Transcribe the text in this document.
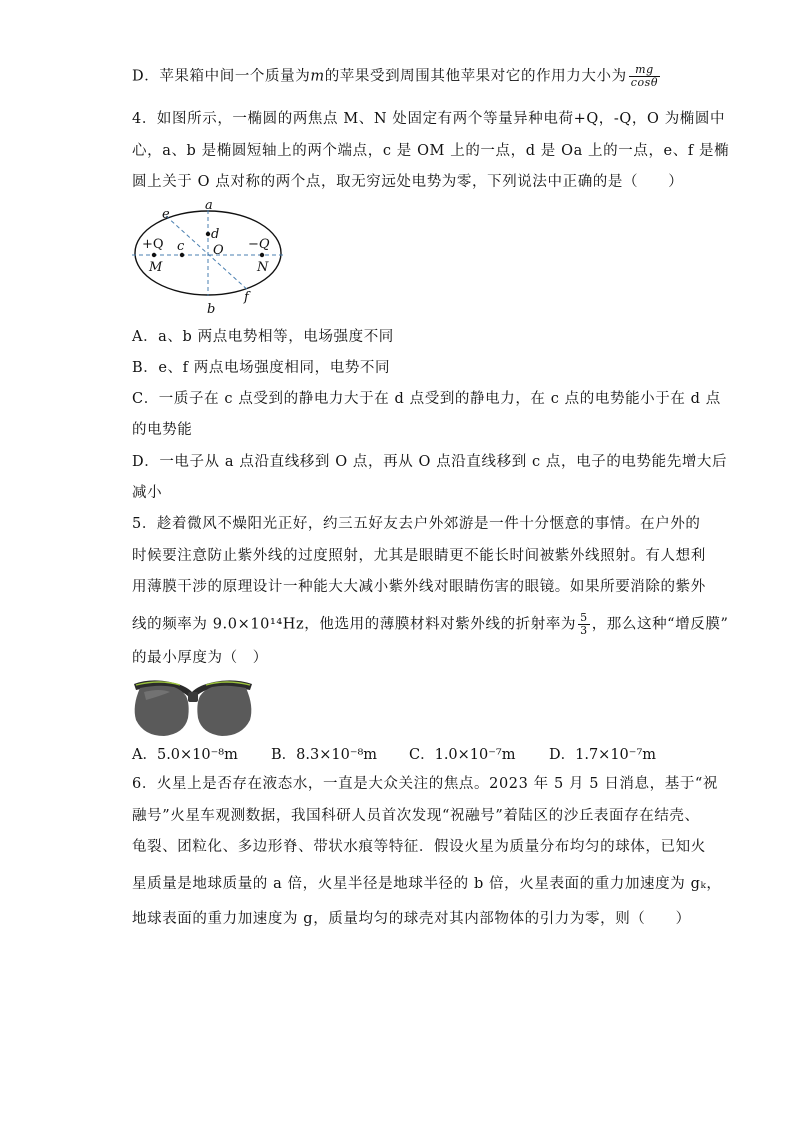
D．苹果箱中间一个质量为m的苹果受到周围其他苹果对它的作用力大小为 $\frac{mg}{\cos\theta}$
4．如图所示，一椭圆的两焦点 M、N 处固定有两个等量异种电荷+Q，-Q，O 为椭圆中
心，a、b 是椭圆短轴上的两个端点，c 是 OM 上的一点，d 是 Oa 上的一点，e、f 是椭
圆上关于 O 点对称的两个点，取无穷远处电势为零，下列说法中正确的是（　　）
e
a
d
+Q c O −Q
M	N
b
f
A．a、b 两点电势相等，电场强度不同
B．e、f 两点电场强度相同，电势不同
C．一质子在 c 点受到的静电力大于在 d 点受到的静电力，在 c 点的电势能小于在 d 点
的电势能
D．一电子从 a 点沿直线移到 O 点，再从 O 点沿直线移到 c 点，电子的电势能先增大后
减小
5．趁着微风不燥阳光正好，约三五好友去户外郊游是一件十分惬意的事情。在户外的
时候要注意防止紫外线的过度照射，尤其是眼睛更不能长时间被紫外线照射。有人想利
用薄膜干涉的原理设计一种能大大减小紫外线对眼睛伤害的眼镜。如果所要消除的紫外
线的频率为 9.0×10¹⁴Hz，他选用的薄膜材料对紫外线的折射率为 $\frac{5}{3}$ ，那么这种“增反膜”
的最小厚度为（　）
A．5.0×10⁻⁸m B．8.3×10⁻⁸m C．1.0×10⁻⁷m D．1.7×10⁻⁷m
6．火星上是否存在液态水，一直是大众关注的焦点。2023 年 5 月 5 日消息，基于“祝
融号”火星车观测数据，我国科研人员首次发现“祝融号”着陆区的沙丘表面存在结壳、
龟裂、团粒化、多边形脊、带状水痕等特征．假设火星为质量分布均匀的球体，已知火
星质量是地球质量的 a 倍，火星半径是地球半径的 b 倍，火星表面的重力加速度为 gₖ，
地球表面的重力加速度为 g，质量均匀的球壳对其内部物体的引力为零，则（　　）
